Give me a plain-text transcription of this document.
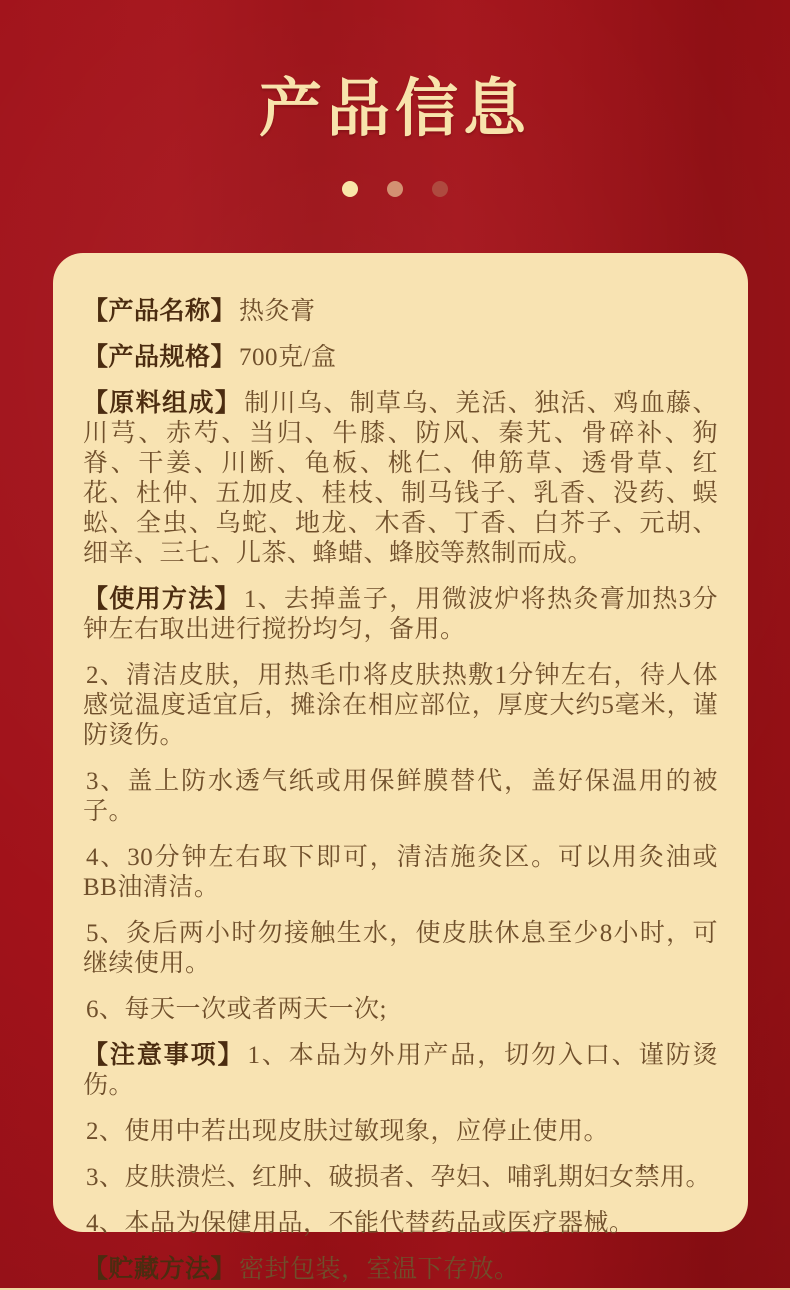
产品信息

【产品名称】 热灸膏

【产品规格】 700克/盒

【原料组成】 制川乌、制草乌、羌活、独活、鸡血藤、川芎、赤芍、当归、牛膝、防风、秦艽、骨碎补、狗脊、干姜、川断、龟板、桃仁、伸筋草、透骨草、红花、杜仲、五加皮、桂枝、制马钱子、乳香、没药、蜈蚣、全虫、乌蛇、地龙、木香、丁香、白芥子、元胡、细辛、三七、儿茶、蜂蜡、蜂胶等熬制而成。

【使用方法】 1、去掉盖子，用微波炉将热灸膏加热3分钟左右取出进行搅扮均匀，备用。

2、清洁皮肤，用热毛巾将皮肤热敷1分钟左右，待人体感觉温度适宜后，摊涂在相应部位，厚度大约5毫米，谨防烫伤。

3、盖上防水透气纸或用保鲜膜替代，盖好保温用的被子。

4、30分钟左右取下即可，清洁施灸区。可以用灸油或BB油清洁。

5、灸后两小时勿接触生水，使皮肤休息至少8小时，可继续使用。

6、每天一次或者两天一次;

【注意事项】 1、本品为外用产品，切勿入口、谨防烫伤。

2、使用中若出现皮肤过敏现象，应停止使用。

3、皮肤溃烂、红肿、破损者、孕妇、哺乳期妇女禁用。

4、本品为保健用品，不能代替药品或医疗器械。

【贮藏方法】 密封包装，室温下存放。
